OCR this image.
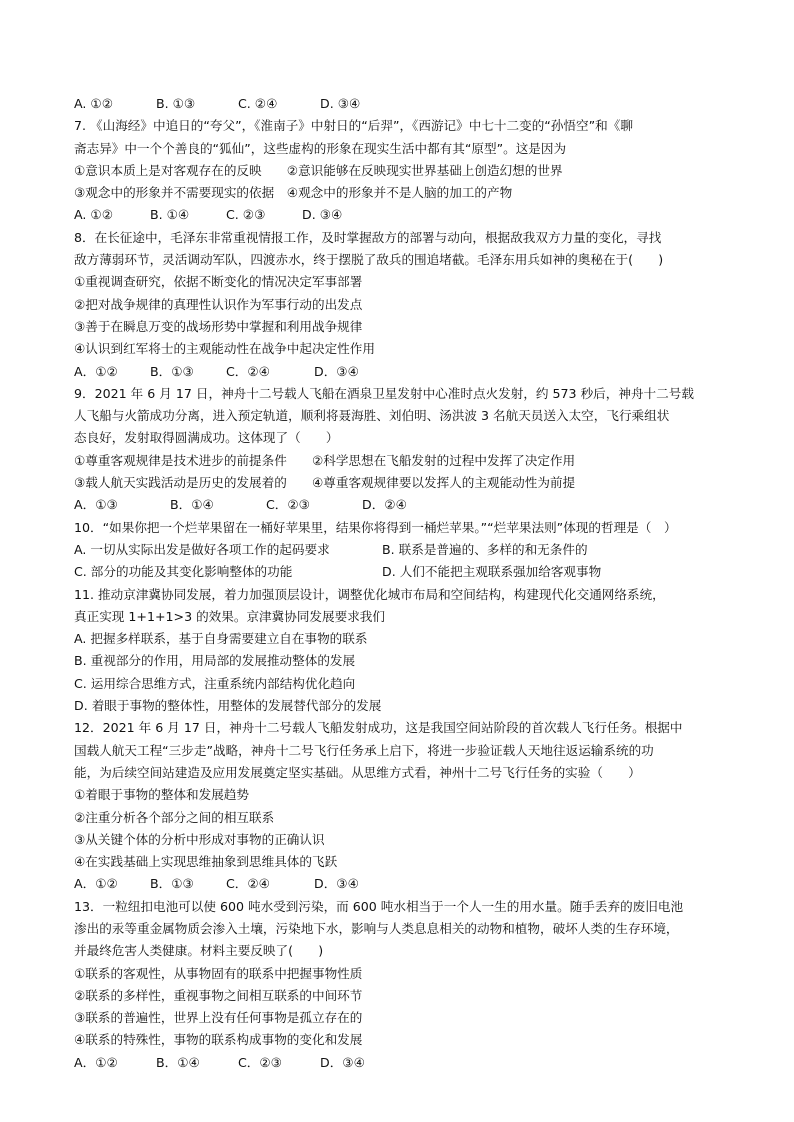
A. ①②	B. ①③	C. ②④	D. ③④
7. 《山海经》中追日的“夸父”，《淮南子》中射日的“后羿”，《西游记》中七十二变的“孙悟空”和《聊
斋志异》中一个个善良的“狐仙”，这些虚构的形象在现实生活中都有其“原型”。这是因为
①意识本质上是对客观存在的反映　　②意识能够在反映现实世界基础上创造幻想的世界
③观念中的形象并不需要现实的依据　④观念中的形象并不是人脑的加工的产物
A. ①②	B. ①④	C. ②③	D. ③④
8．在长征途中，毛泽东非常重视情报工作，及时掌握敌方的部署与动向，根据敌我双方力量的变化，寻找
敌方薄弱环节，灵活调动军队，四渡赤水，终于摆脱了敌兵的围追堵截。毛泽东用兵如神的奥秘在于(　　)
①重视调查研究，依据不断变化的情况决定军事部署
②把对战争规律的真理性认识作为军事行动的出发点
③善于在瞬息万变的战场形势中掌握和利用战争规律
④认识到红军将士的主观能动性在战争中起决定性作用
A．①②	B．①③	C．②④	D．③④
9．2021 年 6 月 17 日，神舟十二号载人飞船在酒泉卫星发射中心准时点火发射，约 573 秒后，神舟十二号载
人飞船与火箭成功分离，进入预定轨道，顺利将聂海胜、刘伯明、汤洪波 3 名航天员送入太空，飞行乘组状
态良好，发射取得圆满成功。这体现了（　　）
①尊重客观规律是技术进步的前提条件　　②科学思想在飞船发射的过程中发挥了决定作用
③载人航天实践活动是历史的发展着的　　④尊重客观规律要以发挥人的主观能动性为前提
A．①③	B．①④	C．②③	D．②④
10．“如果你把一个烂苹果留在一桶好苹果里，结果你将得到一桶烂苹果。”“烂苹果法则”体现的哲理是（　）
A. 一切从实际出发是做好各项工作的起码要求	B. 联系是普遍的、多样的和无条件的
C. 部分的功能及其变化影响整体的功能	D. 人们不能把主观联系强加给客观事物
11. 推动京津冀协同发展，着力加强顶层设计，调整优化城市布局和空间结构，构建现代化交通网络系统，
真正实现 1+1+1>3 的效果。京津冀协同发展要求我们
A. 把握多样联系，基于自身需要建立自在事物的联系
B. 重视部分的作用，用局部的发展推动整体的发展
C. 运用综合思维方式，注重系统内部结构优化趋向
D. 着眼于事物的整体性，用整体的发展替代部分的发展
12．2021 年 6 月 17 日，神舟十二号载人飞船发射成功，这是我国空间站阶段的首次载人飞行任务。根据中
国载人航天工程“三步走”战略，神舟十二号飞行任务承上启下，将进一步验证载人天地往返运输系统的功
能，为后续空间站建造及应用发展奠定坚实基础。从思维方式看，神州十二号飞行任务的实验（　　）
①着眼于事物的整体和发展趋势
②注重分析各个部分之间的相互联系
③从关键个体的分析中形成对事物的正确认识
④在实践基础上实现思维抽象到思维具体的飞跃
A．①②	B．①③	C．②④	D．③④
13．一粒纽扣电池可以使 600 吨水受到污染，而 600 吨水相当于一个人一生的用水量。随手丢弃的废旧电池
渗出的汞等重金属物质会渗入土壤，污染地下水，影响与人类息息相关的动物和植物，破坏人类的生存环境，
并最终危害人类健康。材料主要反映了(　　)
①联系的客观性，从事物固有的联系中把握事物性质
②联系的多样性，重视事物之间相互联系的中间环节
③联系的普遍性，世界上没有任何事物是孤立存在的
④联系的特殊性，事物的联系构成事物的变化和发展
A．①②	B．①④	C．②③	D．③④
